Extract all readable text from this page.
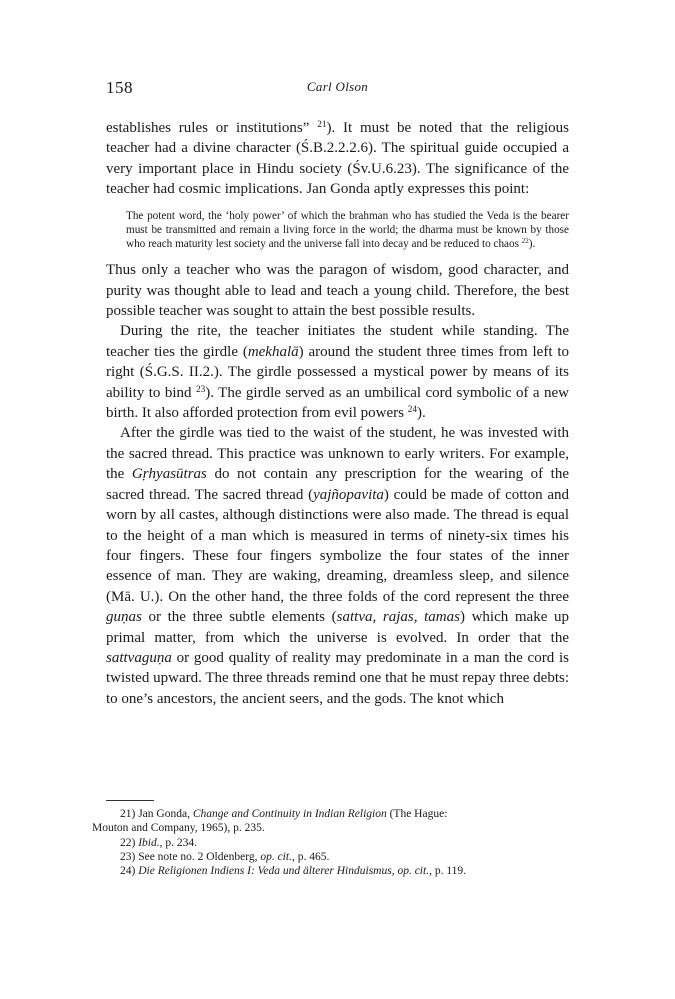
158	Carl Olson

establishes rules or institutions” $^{21}$). It must be noted that the religious teacher had a divine character (Ś.B.2.2.2.6). The spiritual guide occupied a very important place in Hindu society (Śv.U.6.23). The significance of the teacher had cosmic implications. Jan Gonda aptly expresses this point:

The potent word, the ‘holy power’ of which the brahman who has studied the Veda is the bearer must be transmitted and remain a living force in the world; the dharma must be known by those who reach maturity lest society and the universe fall into decay and be reduced to chaos $^{22}$).

Thus only a teacher who was the paragon of wisdom, good character, and purity was thought able to lead and teach a young child. Therefore, the best possible teacher was sought to attain the best possible results.

During the rite, the teacher initiates the student while standing. The teacher ties the girdle (mekhalā) around the student three times from left to right (Ś.G.S. II.2.). The girdle possessed a mystical power by means of its ability to bind $^{23}$). The girdle served as an umbilical cord symbolic of a new birth. It also afforded protection from evil powers $^{24}$).

After the girdle was tied to the waist of the student, he was invested with the sacred thread. This practice was unknown to early writers. For example, the Gṛhyasūtras do not contain any prescription for the wearing of the sacred thread. The sacred thread (yajñopavita) could be made of cotton and worn by all castes, although distinctions were also made. The thread is equal to the height of a man which is measured in terms of ninety-six times his four fingers. These four fingers symbolize the four states of the inner essence of man. They are waking, dreaming, dreamless sleep, and silence (Mā. U.). On the other hand, the three folds of the cord represent the three guṇas or the three subtle elements (sattva, rajas, tamas) which make up primal matter, from which the universe is evolved. In order that the sattvaguṇa or good quality of reality may predominate in a man the cord is twisted upward. The three threads remind one that he must repay three debts: to one’s ancestors, the ancient seers, and the gods. The knot which

21) Jan Gonda, Change and Continuity in Indian Religion (The Hague:
Mouton and Company, 1965), p. 235.

22) Ibid., p. 234.

23) See note no. 2 Oldenberg, op. cit., p. 465.

24) Die Religionen Indiens I: Veda und älterer Hinduismus, op. cit., p. 119.
